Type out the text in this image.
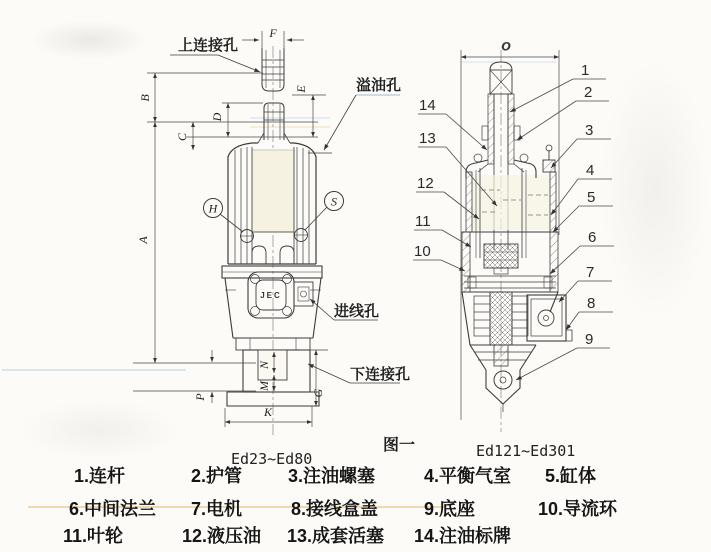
JEC
F
B
A
C
D
E
P
N
M
K
G
H	S
上连接孔
溢油孔
进线孔
下连接孔
O
1
2
3
4
5
6
7
8
9
14
13
12
11
10
Ed23~Ed80
图一	Ed121~Ed301
1.连杆	2.护管	3.注油螺塞	4.平衡气室 5.缸体
6.中间法兰 7.电机	8.接线盒盖	9.底座	10.导流环
11.叶轮	12.液压油 13.成套活塞 14.注油标牌
